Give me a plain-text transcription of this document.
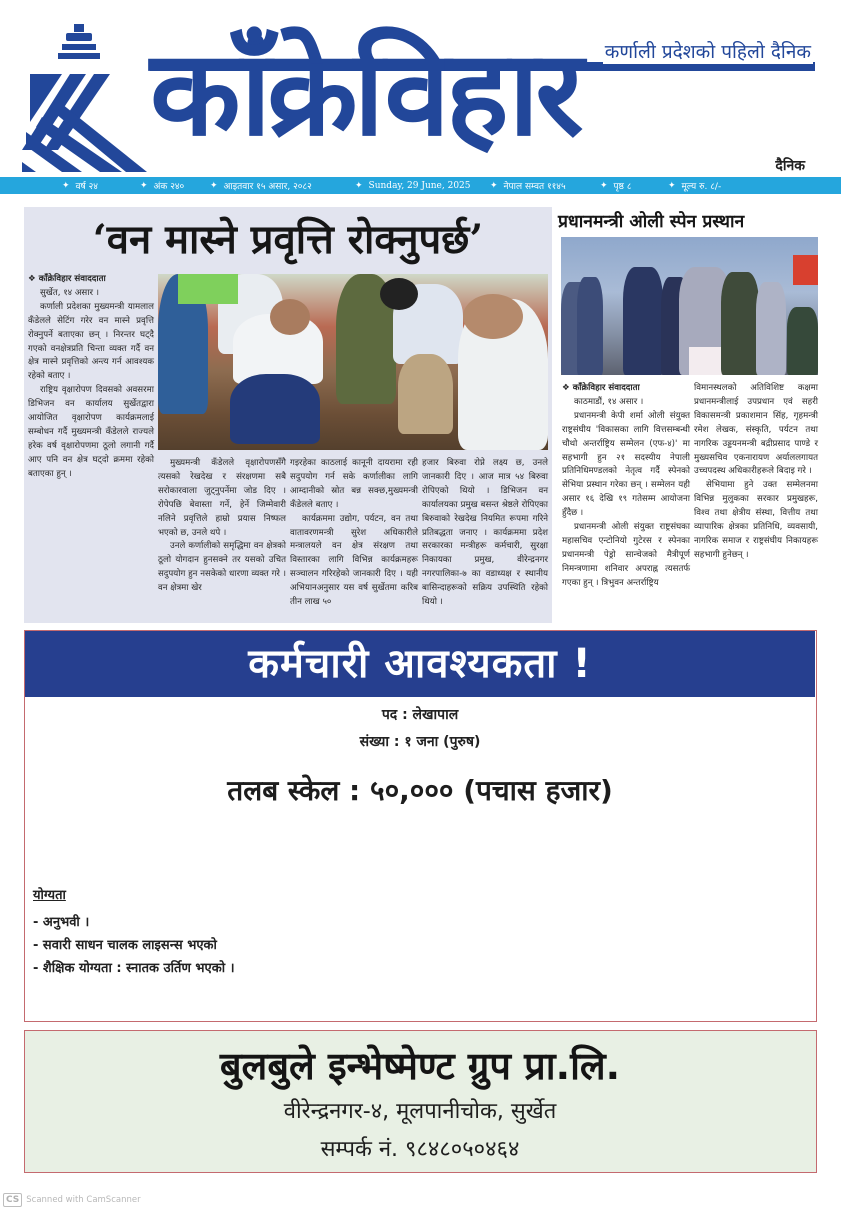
कांँक्रेविहार	कर्णाली प्रदेशको पहिलो दैनिक
दैनिक
✦ वर्ष २४	✦ अंक २४०	✦ आइतवार १५ असार, २०८२	✦ Sunday, 29 June, 2025 ✦ नेपाल सम्वत ११४५	✦ पृष्ठ ८	✦ मूल्य रु. ८/-
‘वन मास्ने प्रवृत्ति रोक्नुपर्छ’

❖ कांँक्रेविहार संवाददाता

सुर्खेत, १४ असार ।

कर्णाली प्रदेशका मुख्यमन्त्री यामलाल कँडेलले सेटिंग गरेर वन मास्ने प्रवृत्ति रोक्नुपर्ने बताएका छन् । निरन्तर घट्दै गएको वनक्षेत्रप्रति चिन्ता व्यक्त गर्दै वन क्षेत्र मास्ने प्रवृत्तिको अन्त्य गर्न आवश्यक रहेको बताए ।

राष्ट्रिय वृक्षारोपण दिवसको अवसरमा डिभिजन वन कार्यालय सुर्खेतद्वारा आयोजित वृक्षारोपण कार्यक्रमलाई सम्बोधन गर्दै मुख्यमन्त्री कँडेलले राज्यले हरेक वर्ष वृक्षारोपणमा ठूलो लगानी गर्दै आए पनि वन क्षेत्र घट्दो क्रममा रहेको बताएका हुन् ।

मुख्यमन्त्री कँडेलले वृक्षारोपणसँगै त्यसको रेखदेख र संरक्षणमा सबै सरोकारवाला जुट्नुपर्नेमा जोड दिए । रोपेपछि बेवास्ता गर्ने, हेर्ने जिम्मेवारी नलिने प्रवृत्तिले हाम्रो प्रयास निष्फल भएको छ, उनले थपे ।

उनले कर्णालीको समृद्धिमा वन क्षेत्रको ठूलो योगदान हुनसक्ने तर यसको उचित सदुपयोग हुन नसकेको धारणा व्यक्त गरे । वन क्षेत्रमा खेर

गइरहेका काठलाई कानूनी दायरामा रही सदुपयोग गर्न सके कर्णालीका लागि आम्दानीको स्रोत बन्न सक्छ,मुख्यमन्त्री कँडेलले बताए ।

कार्यक्रममा उद्योग, पर्यटन, वन तथा वातावरणमन्त्री सुरेश अधिकारीले मन्त्रालयले वन क्षेत्र संरक्षण तथा विस्तारका लागि विभिन्न कार्यक्रमहरू सञ्चालन गरिरहेको जानकारी दिए । यही अभियानअनुसार यस वर्ष सुर्खेतमा करिब तीन लाख ५०

हजार बिरुवा रोप्ने लक्ष्य छ, उनले जानकारी दिए । आज मात्र ५४ बिरुवा रोपिएको थियो । डिभिजन वन कार्यालयका प्रमुख बसन्त श्रेष्ठले रोपिएका बिरुवाको रेखदेख नियमित रूपमा गरिने प्रतिबद्धता जनाए । कार्यक्रममा प्रदेश सरकारका मन्त्रीहरू कर्मचारी, सुरक्षा निकायका प्रमुख, वीरेन्द्रनगर नगरपालिका-७ का वडाध्यक्ष र स्थानीय बासिन्दाहरूको सक्रिय उपस्थिति रहेको थियो ।

प्रधानमन्त्री ओली स्पेन प्रस्थान

❖ कांँक्रेविहार संवाददाता

काठमाडौं, १४ असार ।

प्रधानमन्त्री केपी शर्मा ओली संयुक्त राष्ट्रसंघीय 'विकासका लागि वित्तसम्बन्धी चौथो अन्तर्राष्ट्रिय सम्मेलन (एफ-४)' मा सहभागी हुन २१ सदस्यीय नेपाली प्रतिनिधिमण्डलको नेतृत्व गर्दै स्पेनको सेभिया प्रस्थान गरेका छन् । सम्मेलन यही असार १६ देखि १९ गतेसम्म आयोजना हुँदैछ ।

प्रधानमन्त्री ओली संयुक्त राष्ट्रसंघका महासचिव एन्टोनियो गुटेरस र स्पेनका प्रधानमन्त्री पेड्रो सान्चेजको मैत्रीपूर्ण निमन्त्रणामा शनिवार अपराह्न त्यसतर्फ गएका हुन् । त्रिभुवन अन्तर्राष्ट्रिय

विमानस्थलको अतिविशिष्ट कक्षमा प्रधानमन्त्रीलाई उपप्रधान एवं सहरी विकासमन्त्री प्रकाशमान सिंह, गृहमन्त्री रमेश लेखक, संस्कृति, पर्यटन तथा नागरिक उड्डयनमन्त्री बद्रीप्रसाद पाण्डे र मुख्यसचिव एकनारायण अर्याललगायत उच्चपदस्थ अधिकारीहरूले बिदाइ गरे ।

सेभियामा हुने उक्त सम्मेलनमा विभिन्न मुलुकका सरकार प्रमुखहरू, विश्व तथा क्षेत्रीय संस्था, वित्तीय तथा व्यापारिक क्षेत्रका प्रतिनिधि, व्यवसायी, नागरिक समाज र राष्ट्रसंघीय निकायहरू सहभागी हुनेछन् ।

कर्मचारी आवश्यकता !
पद : लेखापाल
संख्या : १ जना (पुरुष)
तलब स्केल : ५०,००० (पचास हजार)
योग्यता
- अनुभवी ।
- सवारी साधन चालक लाइसन्स भएको
- शैक्षिक योग्यता : स्नातक उर्तिण भएको ।
बुलबुले इन्भेष्मेण्ट ग्रुप प्रा.लि.
वीरेन्द्रनगर-४, मूलपानीचोक, सुर्खेत
सम्पर्क नं. ९८४८०५०४६४
CS Scanned with CamScanner
